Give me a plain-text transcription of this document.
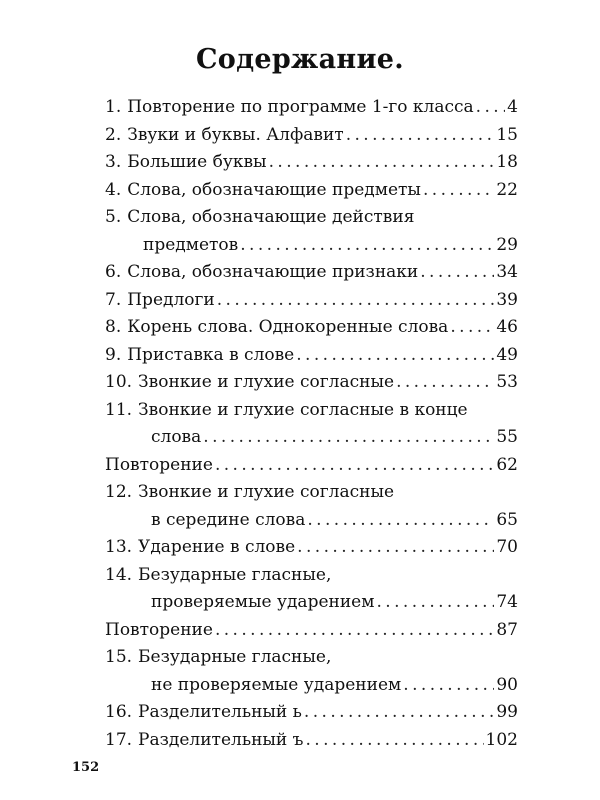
Содержание.
1. Повторение по программе 1-го класса . . . 4
2. Звуки и буквы. Алфавит . . .	15
3. Большие буквы . . .	18
4. Слова, обозначающие предметы . . .	22
5. Слова, обозначающие действия
предметов . . .	29
6. Слова, обозначающие признаки . . .	34
7. Предлоги . . .	39
8. Корень слова. Однокоренные слова . . .	46
9. Приставка в слове . . .	49
10. Звонкие и глухие согласные . . .	53
11. Звонкие и глухие согласные в конце
слова . . .	55
Повторение . . .	62
12. Звонкие и глухие согласные
в середине слова . . .	65
13. Ударение в слове . . .	70
14. Безударные гласные,
проверяемые ударением . . .	74
Повторение . . .	87
15. Безударные гласные,
не проверяемые ударением . . .	90
16. Разделительный ь . . .	99
17. Разделительный ъ . . .	102
152
